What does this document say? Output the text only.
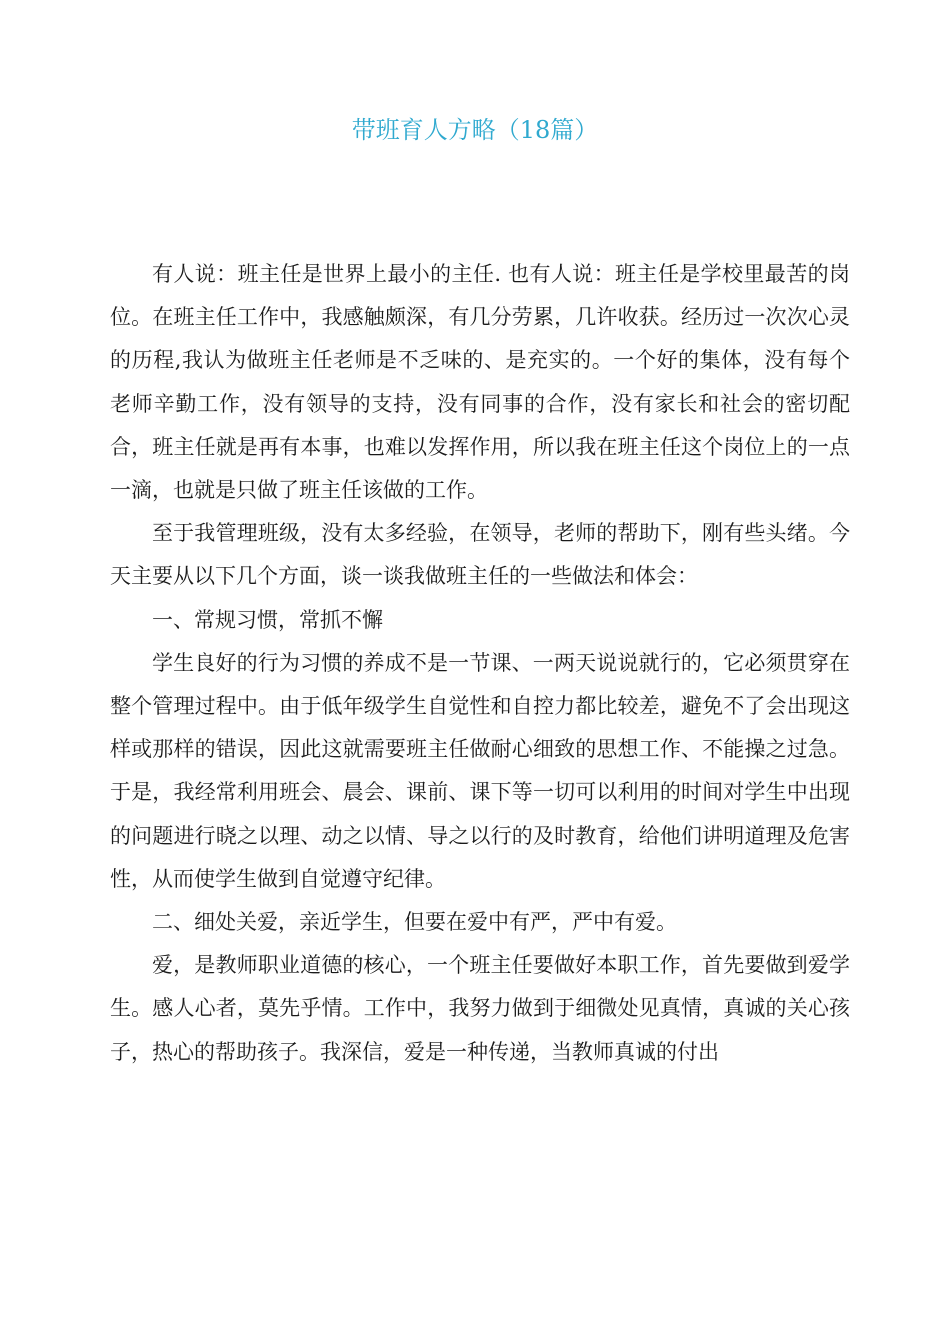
带班育人方略（18篇）

有人说：班主任是世界上最小的主任. 也有人说：班主任是学校里最苦的岗位。在班主任工作中，我感触颇深，有几分劳累，几许收获。经历过一次次心灵的历程,我认为做班主任老师是不乏味的、是充实的。一个好的集体，没有每个老师辛勤工作，没有领导的支持，没有同事的合作，没有家长和社会的密切配合，班主任就是再有本事，也难以发挥作用，所以我在班主任这个岗位上的一点一滴，也就是只做了班主任该做的工作。

至于我管理班级，没有太多经验，在领导，老师的帮助下，刚有些头绪。今天主要从以下几个方面，谈一谈我做班主任的一些做法和体会：

一、常规习惯，常抓不懈

学生良好的行为习惯的养成不是一节课、一两天说说就行的，它必须贯穿在整个管理过程中。由于低年级学生自觉性和自控力都比较差，避免不了会出现这样或那样的错误，因此这就需要班主任做耐心细致的思想工作、不能操之过急。于是，我经常利用班会、晨会、课前、课下等一切可以利用的时间对学生中出现的问题进行晓之以理、动之以情、导之以行的及时教育，给他们讲明道理及危害性，从而使学生做到自觉遵守纪律。

二、细处关爱，亲近学生，但要在爱中有严，严中有爱。

爱，是教师职业道德的核心，一个班主任要做好本职工作，首先要做到爱学生。感人心者，莫先乎情。工作中，我努力做到于细微处见真情，真诚的关心孩子，热心的帮助孩子。我深信，爱是一种传递，当教师真诚的付出
